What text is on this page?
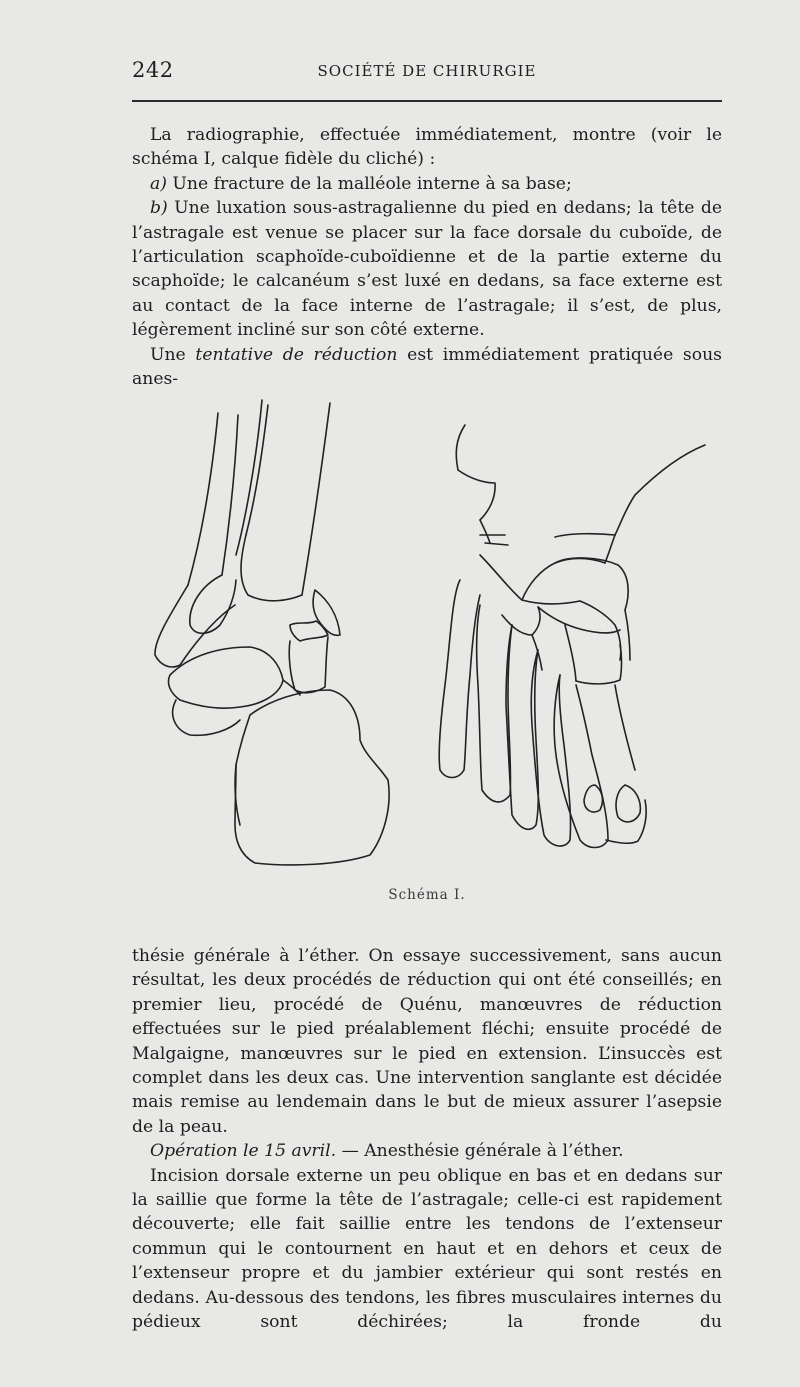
242	SOCIÉTÉ DE CHIRURGIE

La radiographie, effectuée immédiatement, montre (voir le schéma I, calque fidèle du cliché) :

a) Une fracture de la malléole interne à sa base;

b) Une luxation sous-astragalienne du pied en dedans; la tête de l’astragale est venue se placer sur la face dorsale du cuboïde, de l’articulation scaphoïde-cuboïdienne et de la partie externe du scaphoïde; le calcanéum s’est luxé en dedans, sa face externe est au contact de la face interne de l’astragale; il s’est, de plus, légèrement incliné sur son côté externe.

Une tentative de réduction est immédiatement pratiquée sous anes-

Schéma I.

thésie générale à l’éther. On essaye successivement, sans aucun résultat, les deux procédés de réduction qui ont été conseillés; en premier lieu, procédé de Quénu, manœuvres de réduction effectuées sur le pied préalablement fléchi; ensuite procédé de Malgaigne, manœuvres sur le pied en extension. L’insuccès est complet dans les deux cas. Une intervention sanglante est décidée mais remise au lendemain dans le but de mieux assurer l’asepsie de la peau.

Opération le 15 avril. — Anesthésie générale à l’éther.

Incision dorsale externe un peu oblique en bas et en dedans sur la saillie que forme la tête de l’astragale; celle-ci est rapidement découverte; elle fait saillie entre les tendons de l’extenseur commun qui le contournent en haut et en dehors et ceux de l’extenseur propre et du jambier extérieur qui sont restés en dedans. Au-dessous des tendons, les fibres musculaires internes du pédieux sont déchirées; la fronde du
